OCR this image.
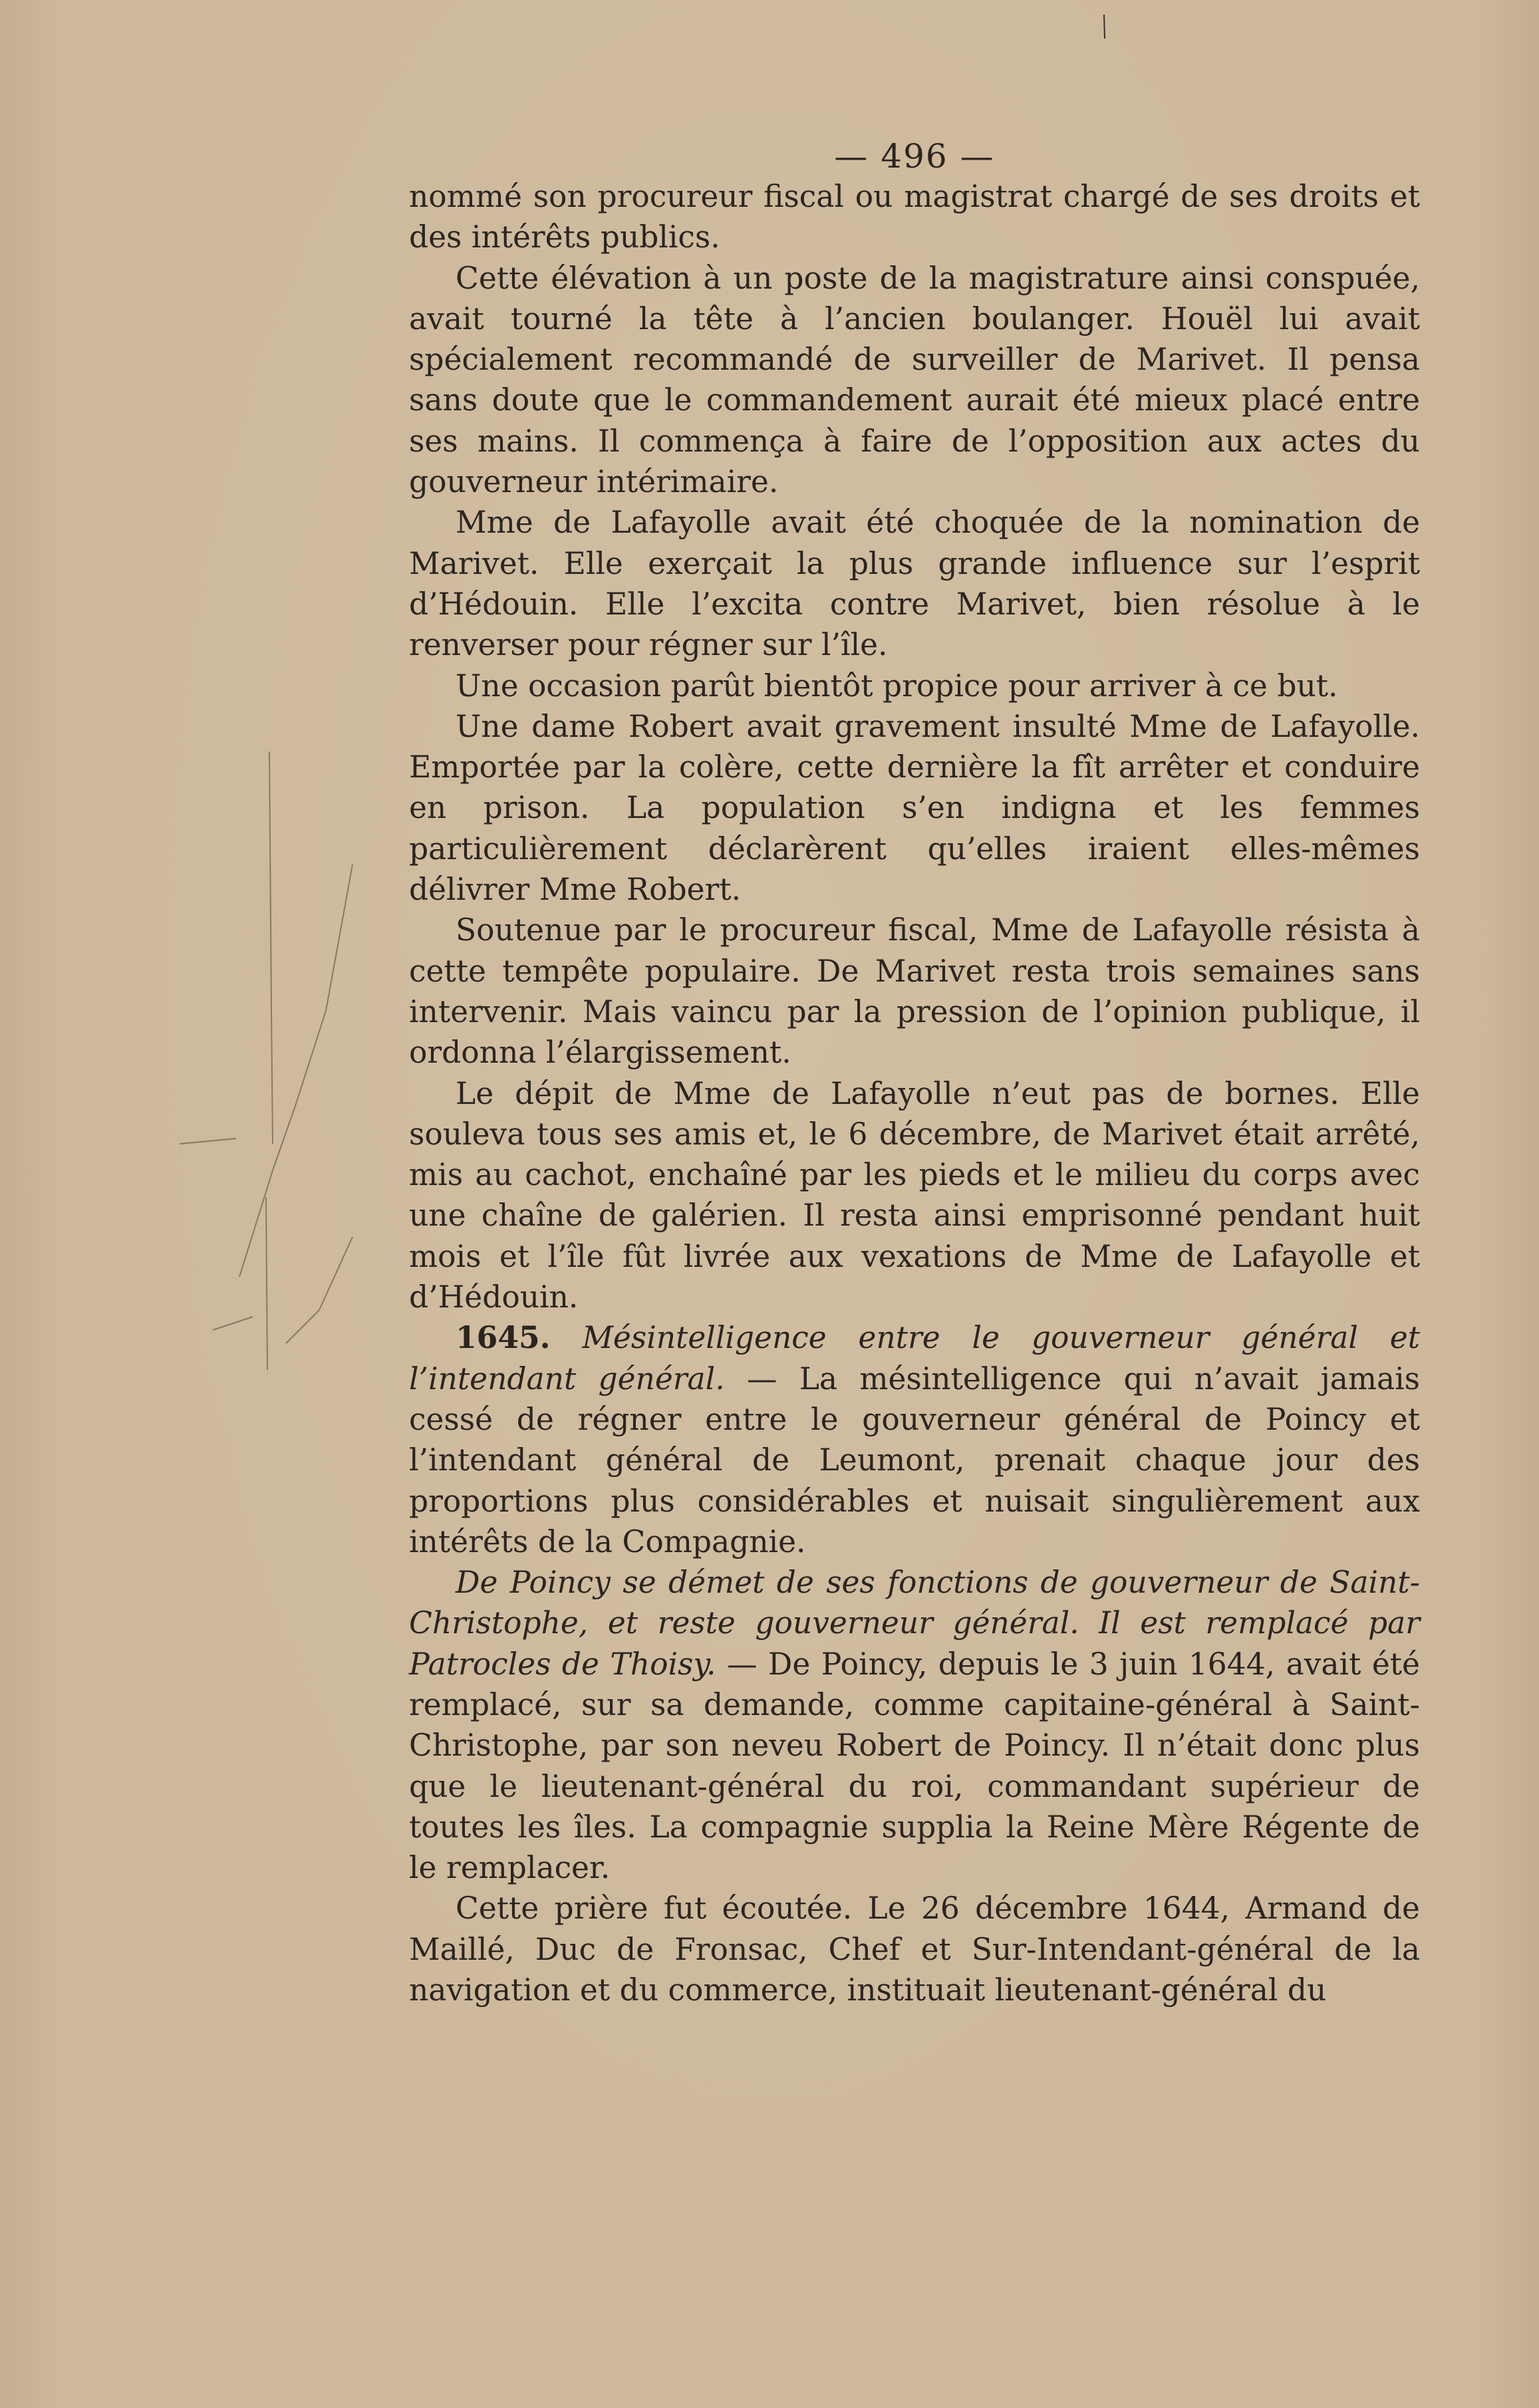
— 496 —

nommé son procureur fiscal ou magistrat chargé de ses droits et des intérêts publics.

Cette élévation à un poste de la magistrature ainsi conspuée, avait tourné la tête à l’ancien boulanger. Houël lui avait spécialement recommandé de surveiller de Marivet. Il pensa sans doute que le commandement aurait été mieux placé entre ses mains. Il commença à faire de l’opposition aux actes du gouverneur intérimaire.

Mme de Lafayolle avait été choquée de la nomination de Marivet. Elle exerçait la plus grande influence sur l’esprit d’Hédouin. Elle l’excita contre Marivet, bien résolue à le renverser pour régner sur l’île.

Une occasion parût bientôt propice pour arriver à ce but.

Une dame Robert avait gravement insulté Mme de Lafayolle. Emportée par la colère, cette dernière la fît arrêter et conduire en prison. La population s’en indigna et les femmes particulièrement déclarèrent qu’elles iraient elles-mêmes délivrer Mme Robert.

Soutenue par le procureur fiscal, Mme de Lafayolle résista à cette tempête populaire. De Marivet resta trois semaines sans intervenir. Mais vaincu par la pression de l’opinion publique, il ordonna l’élargissement.

Le dépit de Mme de Lafayolle n’eut pas de bornes. Elle souleva tous ses amis et, le 6 décembre, de Marivet était arrêté, mis au cachot, enchaîné par les pieds et le milieu du corps avec une chaîne de galérien. Il resta ainsi emprisonné pendant huit mois et l’île fût livrée aux vexations de Mme de Lafayolle et d’Hédouin.

1645. Mésintelligence entre le gouverneur général et l’intendant général. — La mésintelligence qui n’avait jamais cessé de régner entre le gouverneur général de Poincy et l’intendant général de Leumont, prenait chaque jour des proportions plus considérables et nuisait singulièrement aux intérêts de la Compagnie.

De Poincy se démet de ses fonctions de gouverneur de Saint-Christophe, et reste gouverneur général. Il est remplacé par Patrocles de Thoisy. — De Poincy, depuis le 3 juin 1644, avait été remplacé, sur sa demande, comme capitaine-général à Saint-Christophe, par son neveu Robert de Poincy. Il n’était donc plus que le lieutenant-général du roi, commandant supérieur de toutes les îles. La compagnie supplia la Reine Mère Régente de le remplacer.

Cette prière fut écoutée. Le 26 décembre 1644, Armand de Maillé, Duc de Fronsac, Chef et Sur-Intendant-général de la navigation et du commerce, instituait lieutenant-général du
